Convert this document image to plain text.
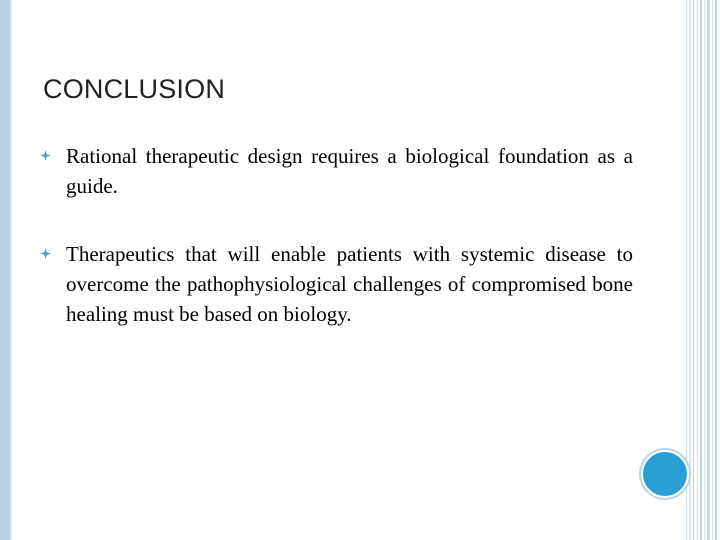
CONCLUSION
Rational therapeutic design requires a biological foundation as a guide.
Therapeutics that will enable patients with systemic disease to overcome the pathophysiological challenges of compromised bone healing must be based on biology.
